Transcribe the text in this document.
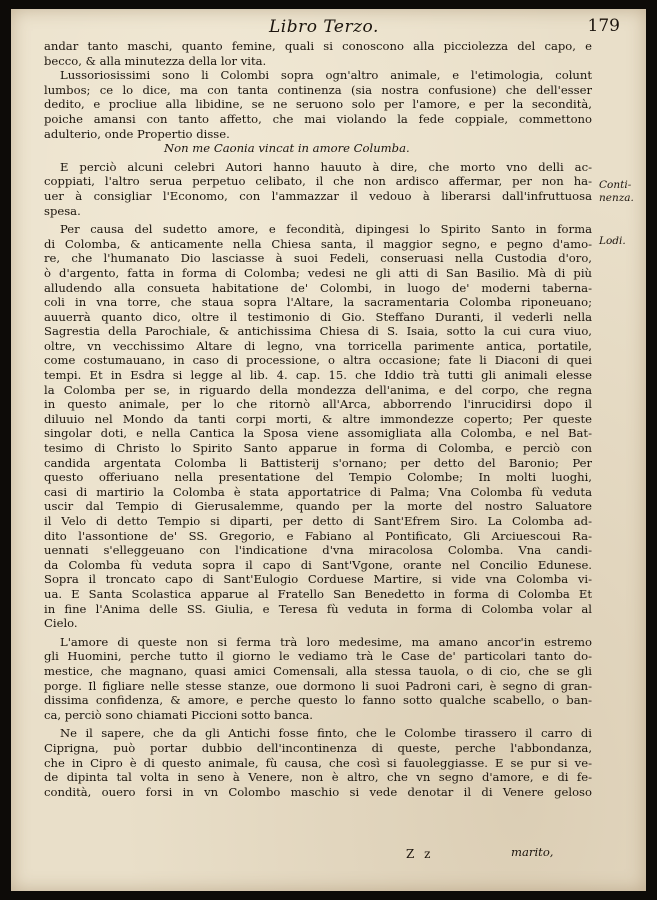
Libro Terzo.	179
andar tanto maschi, quanto femine, quali si conoscono alla picciolezza del capo, e
becco, & alla minutezza della lor vita.
Lussoriosissimi sono li Colombi sopra ogn'altro animale, e l'etimologia, colunt
lumbos; ce lo dice, ma con tanta continenza (sia nostra confusione) che dell'esser
dedito, e procliue alla libidine, se ne seruono solo per l'amore, e per la secondità,
poiche amansi con tanto affetto, che mai violando la fede coppiale, commettono
adulterio, onde Propertio disse.
Non me Caonia vincat in amore Columba.
E perciò alcuni celebri Autori hanno hauuto à dire, che morto vno delli ac-
coppiati, l'altro serua perpetuo celibato, il che non ardisco affermar, per non ha-
uer à consigliar l'Economo, con l'ammazzar il vedouo à liberarsi dall'infruttuosa
spesa.
Per causa del sudetto amore, e fecondità, dipingesi lo Spirito Santo in forma
di Colomba, & anticamente nella Chiesa santa, il maggior segno, e pegno d'amo-
re, che l'humanato Dio lasciasse à suoi Fedeli, conseruasi nella Custodia d'oro,
ò d'argento, fatta in forma di Colomba; vedesi ne gli atti di San Basilio. Mà di più
alludendo alla consueta habitatione de' Colombi, in luogo de' moderni taberna-
coli in vna torre, che staua sopra l'Altare, la sacramentaria Colomba riponeuano;
auuerrà quanto dico, oltre il testimonio di Gio. Steffano Duranti, il vederli nella
Sagrestia della Parochiale, & antichissima Chiesa di S. Isaia, sotto la cui cura viuo,
oltre, vn vecchissimo Altare di legno, vna torricella parimente antica, portatile,
come costumauano, in caso di processione, o altra occasione; fate li Diaconi di quei
tempi. Et in Esdra si legge al lib. 4. cap. 15. che Iddio trà tutti gli animali elesse
la Colomba per se, in riguardo della mondezza dell'anima, e del corpo, che regna
in questo animale, per lo che ritornò all'Arca, abborrendo l'inrucidirsi dopo il
diluuio nel Mondo da tanti corpi morti, & altre immondezze coperto; Per queste
singolar doti, e nella Cantica la Sposa viene assomigliata alla Colomba, e nel Bat-
tesimo di Christo lo Spirito Santo apparue in forma di Colomba, e perciò con
candida argentata Colomba li Battisterij s'ornano; per detto del Baronio; Per
questo offeriuano nella presentatione del Tempio Colombe; In molti luoghi,
casi di martirio la Colomba è stata apportatrice di Palma; Vna Colomba fù veduta
uscir dal Tempio di Gierusalemme, quando per la morte del nostro Saluatore
il Velo di detto Tempio si diparti, per detto di Sant'Efrem Siro. La Colomba ad-
dito l'assontione de' SS. Gregorio, e Fabiano al Pontificato, Gli Arciuescoui Ra-
uennati s'elleggeuano con l'indicatione d'vna miracolosa Colomba. Vna candi-
da Colomba fù veduta sopra il capo di Sant'Vgone, orante nel Concilio Edunese.
Sopra il troncato capo di Sant'Eulogio Corduese Martire, si vide vna Colomba vi-
ua. E Santa Scolastica apparue al Fratello San Benedetto in forma di Colomba Et
in fine l'Anima delle SS. Giulia, e Teresa fù veduta in forma di Colomba volar al
Cielo.
L'amore di queste non si ferma trà loro medesime, ma amano ancor'in estremo
gli Huomini, perche tutto il giorno le vediamo trà le Case de' particolari tanto do-
mestice, che magnano, quasi amici Comensali, alla stessa tauola, o di cio, che se gli
porge. Il figliare nelle stesse stanze, oue dormono li suoi Padroni cari, è segno di gran-
dissima confidenza, & amore, e perche questo lo fanno sotto qualche scabello, o ban-
ca, perciò sono chiamati Piccioni sotto banca.
Ne il sapere, che da gli Antichi fosse finto, che le Colombe tirassero il carro di
Ciprigna, può portar dubbio dell'incontinenza di queste, perche l'abbondanza,
che in Cipro è di questo animale, fù causa, che così si fauoleggiasse. E se pur si ve-
de dipinta tal volta in seno à Venere, non è altro, che vn segno d'amore, e di fe-
condità, ouero forsi in vn Colombo maschio si vede denotar il di Venere geloso
Conti- nenza.
Lodi.
Z z	marito,
